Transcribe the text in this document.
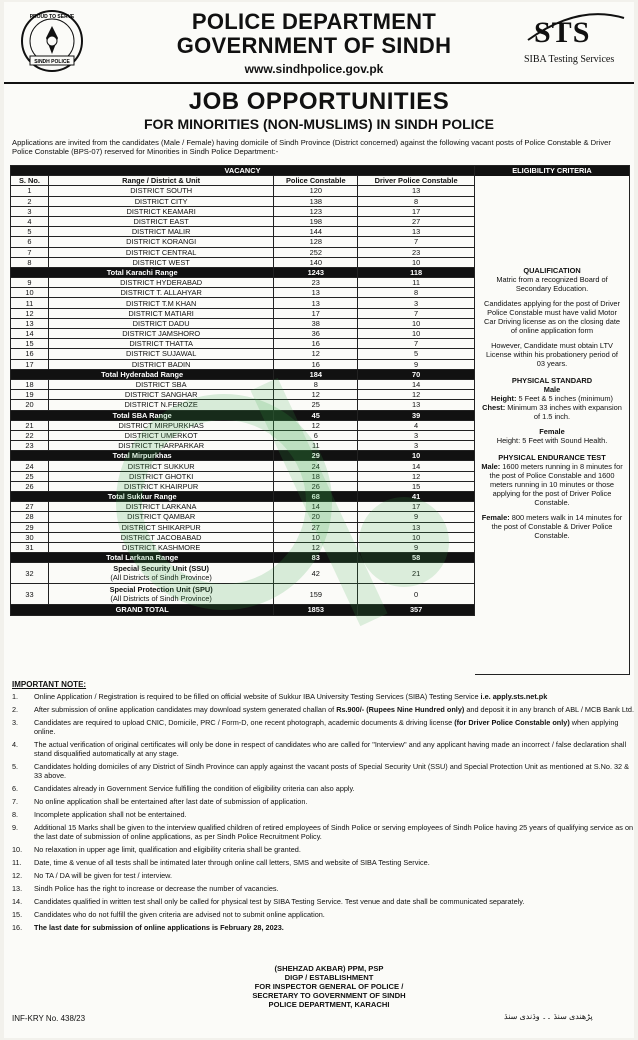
PROUD TO SERVE
SINDH POLICE
POLICE DEPARTMENT
GOVERNMENT OF SINDH
www.sindhpolice.gov.pk
STS
SIBA Testing Services
JOB OPPORTUNITIES
FOR MINORITIES (NON-MUSLIMS) IN SINDH POLICE
Applications are invited from the candidates (Male / Female) having domicile of Sindh Province (District concerned) against the following vacant posts of Police Constable & Driver Police Constable (BPS-07) reserved for Minorities in Sindh Police Department:-
VACANCY			
S. No.	Range / District & Unit	Police Constable	Driver Police Constable
1	DISTRICT SOUTH	120	13
2	DISTRICT CITY	138	8
3	DISTRICT KEAMARI	123	17
4	DISTRICT EAST	198	27
5	DISTRICT MALIR	144	13
6	DISTRICT KORANGI	128	7
7	DISTRICT CENTRAL	252	23
8	DISTRICT WEST	140	10
Total Karachi Range		1243	118
9	DISTRICT HYDERABAD	23	11
10	DISTRICT T. ALLAHYAR	13	8
11	DISTRICT T.M KHAN	13	3
12	DISTRICT MATIARI	17	7
13	DISTRICT DADU	38	10
14	DISTRICT JAMSHORO	36	10
15	DISTRICT THATTA	16	7
16	DISTRICT SUJAWAL	12	5
17	DISTRICT BADIN	16	9
Total Hyderabad Range		184	70
18	DISTRICT SBA	8	14
19	DISTRICT SANGHAR	12	12
20	DISTRICT N.FEROZE	25	13
Total SBA Range		45	39
21	DISTRICT MIRPURKHAS	12	4
22	DISTRICT UMERKOT	6	3
23	DISTRICT THARPARKAR	11	3
Total Mirpurkhas		29	10
24	DISTRICT SUKKUR	24	14
25	DISTRICT GHOTKI	18	12
26	DISTRICT KHAIRPUR	26	15
Total Sukkur Range		68	41
27	DISTRICT LARKANA	14	17
28	DISTRICT QAMBAR	20	9
29	DISTRICT SHIKARPUR	27	13
30	DISTRICT JACOBABAD	10	10
31	DISTRICT KASHMORE	12	9
Total Larkana Range		83	58
32	Special Security Unit (SSU)
(All Districts of Sindh Province)	42	21
33	Special Protection Unit (SPU)
(All Districts of Sindh Province)	159	0
GRAND TOTAL		1853	357
ELIGIBILITY CRITERIA
QUALIFICATION
Matric from a recognized Board of Secondary Education.

Candidates applying for the post of Driver Police Constable must have valid Motor Car Driving license as on the closing date of online application form

However, Candidate must obtain LTV License within his probationery period of 03 years.

PHYSICAL STANDARD
Male
Height: 5 Feet & 5 inches (minimum)
Chest: Minimum 33 inches with expansion of 1.5 inch.
Female
Height: 5 Feet with Sound Health.
PHYSICAL ENDURANCE TEST
Male: 1600 meters running in 8 minutes for the post of Police Constable and 1600 meters running in 10 minutes or those applying for the post of Driver Police Constable.

Female: 800 meters walk in 14 minutes for the post of Constable & Driver Police Constable.

IMPORTANT NOTE:
1. Online Application / Registration is required to be filled on official website of Sukkur IBA University Testing Services (SIBA) Testing Service i.e. apply.sts.net.pk
2. After submission of online application candidates may download system generated challan of Rs.900/- (Rupees Nine Hundred only) and deposit it in any branch of ABL / MCB Bank Ltd.
3. Candidates are required to upload CNIC, Domicile, PRC / Form-D, one recent photograph, academic documents & driving license (for Driver Police Constable only) when applying online.
4. The actual verification of original certificates will only be done in respect of candidates who are called for "Interview" and any applicant having made an incorrect / false declaration shall stand disqualified automatically at any stage.
5. Candidates holding domiciles of any District of Sindh Province can apply against the vacant posts of Special Security Unit (SSU) and Special Protection Unit as mentioned at S.No. 32 & 33 above.
6. Candidates already in Government Service fulfilling the condition of eligibility criteria can also apply.
7. No online application shall be entertained after last date of submission of application.
8. Incomplete application shall not be entertained.
9. Additional 15 Marks shall be given to the interview qualified children of retired employees of Sindh Police or serving employees of Sindh Police having 25 years of qualifying service as on the last date of submission of online applications, as per Sindh Police Recruitment Policy.
10. No relaxation in upper age limit, qualification and eligibility criteria shall be granted.
11. Date, time & venue of all tests shall be intimated later through online call letters, SMS and website of SIBA Testing Service.
12. No TA / DA will be given for test / interview.
13. Sindh Police has the right to increase or decrease the number of vacancies.
14. Candidates qualified in written test shall only be called for physical test by SIBA Testing Service. Test venue and date shall be communicated separately.
15. Candidates who do not fulfill the given criteria are advised not to submit online application.
16. The last date for submission of online applications is February 28, 2023.
(SHEHZAD AKBAR) PPM, PSP
DIGP / ESTABLISHMENT
FOR INSPECTOR GENERAL OF POLICE /
SECRETARY TO GOVERNMENT OF SINDH
POLICE DEPARTMENT, KARACHI
INF-KRY No. 438/23	پڑھندی سنڌ ۔۔ وڌندی سنڌ
